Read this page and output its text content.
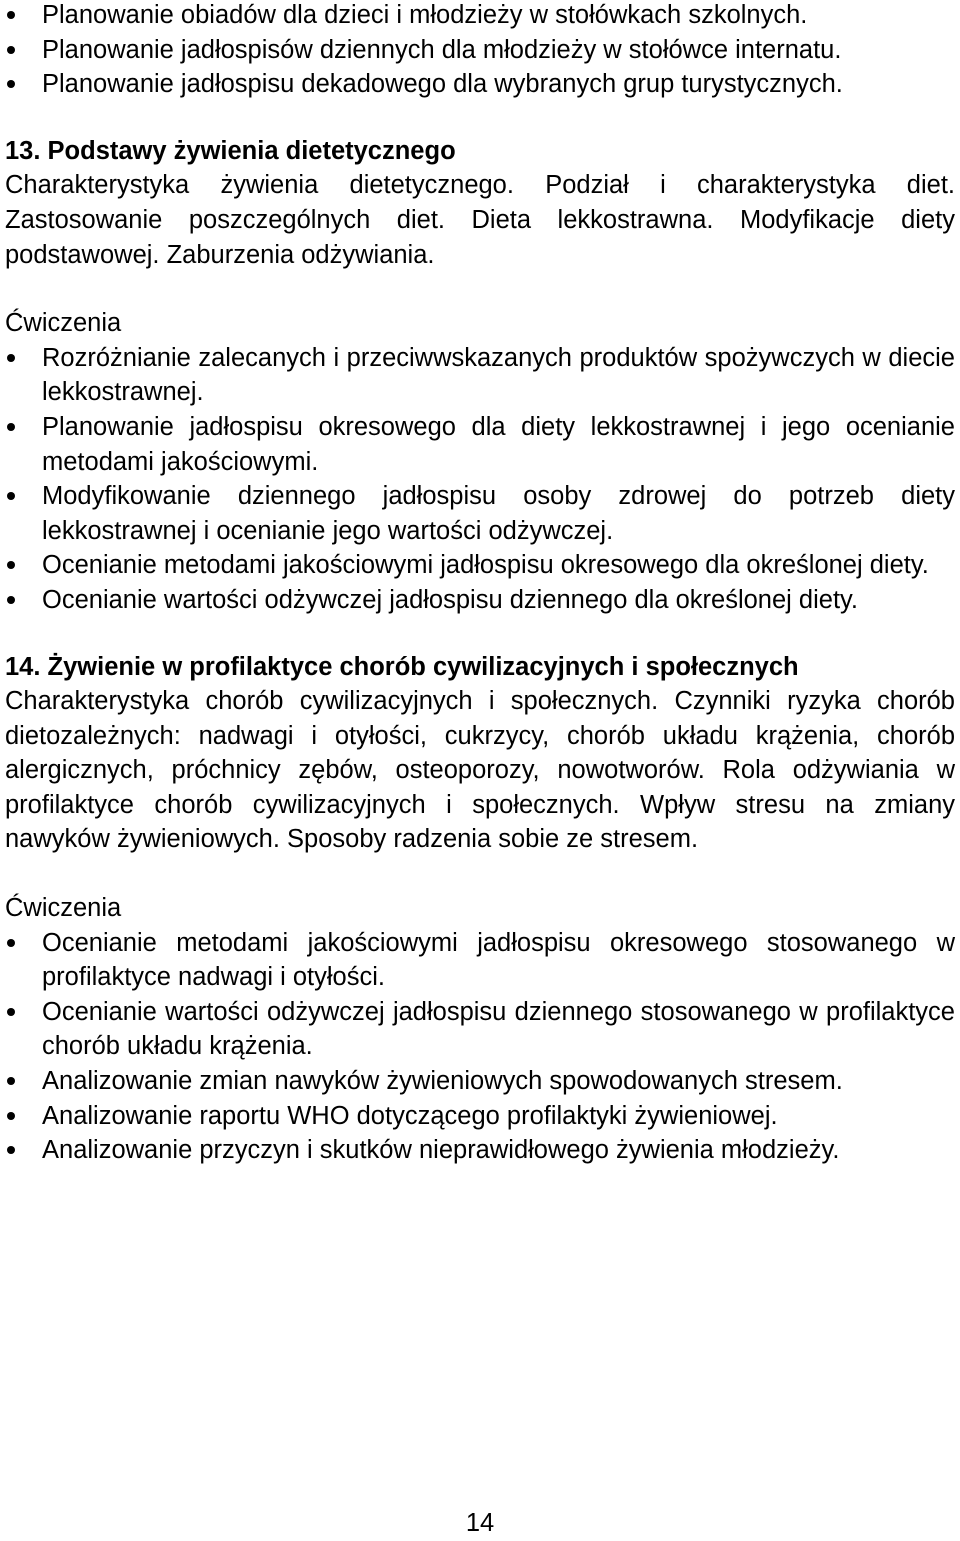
Planowanie obiadów dla dzieci i młodzieży w stołówkach szkolnych.
Planowanie jadłospisów dziennych dla młodzieży w stołówce internatu.
Planowanie jadłospisu dekadowego dla wybranych grup turystycznych.

13. Podstawy żywienia dietetycznego

Charakterystyka żywienia dietetycznego. Podział i charakterystyka diet. Zastosowanie poszczególnych diet. Dieta lekkostrawna. Modyfikacje diety podstawowej. Zaburzenia odżywiania.

Ćwiczenia

Rozróżnianie zalecanych i przeciwwskazanych produktów spożywczych w diecie lekkostrawnej.
Planowanie jadłospisu okresowego dla diety lekkostrawnej i jego ocenianie metodami jakościowymi.
Modyfikowanie dziennego jadłospisu osoby zdrowej do potrzeb diety lekkostrawnej i ocenianie jego wartości odżywczej.
Ocenianie metodami jakościowymi jadłospisu okresowego dla określonej diety.
Ocenianie wartości odżywczej jadłospisu dziennego dla określonej diety.

14. Żywienie w profilaktyce chorób cywilizacyjnych i społecznych

Charakterystyka chorób cywilizacyjnych i społecznych. Czynniki ryzyka chorób dietozależnych: nadwagi i otyłości, cukrzycy, chorób układu krążenia, chorób alergicznych, próchnicy zębów, osteoporozy, nowotworów. Rola odżywiania w profilaktyce chorób cywilizacyjnych i społecznych. Wpływ stresu na zmiany nawyków żywieniowych. Sposoby radzenia sobie ze stresem.

Ćwiczenia

Ocenianie metodami jakościowymi jadłospisu okresowego stosowanego w profilaktyce nadwagi i otyłości.
Ocenianie wartości odżywczej jadłospisu dziennego stosowanego w profilaktyce chorób układu krążenia.
Analizowanie zmian nawyków żywieniowych spowodowanych stresem.
Analizowanie raportu WHO dotyczącego profilaktyki żywieniowej.
Analizowanie przyczyn i skutków nieprawidłowego żywienia młodzieży.
14
